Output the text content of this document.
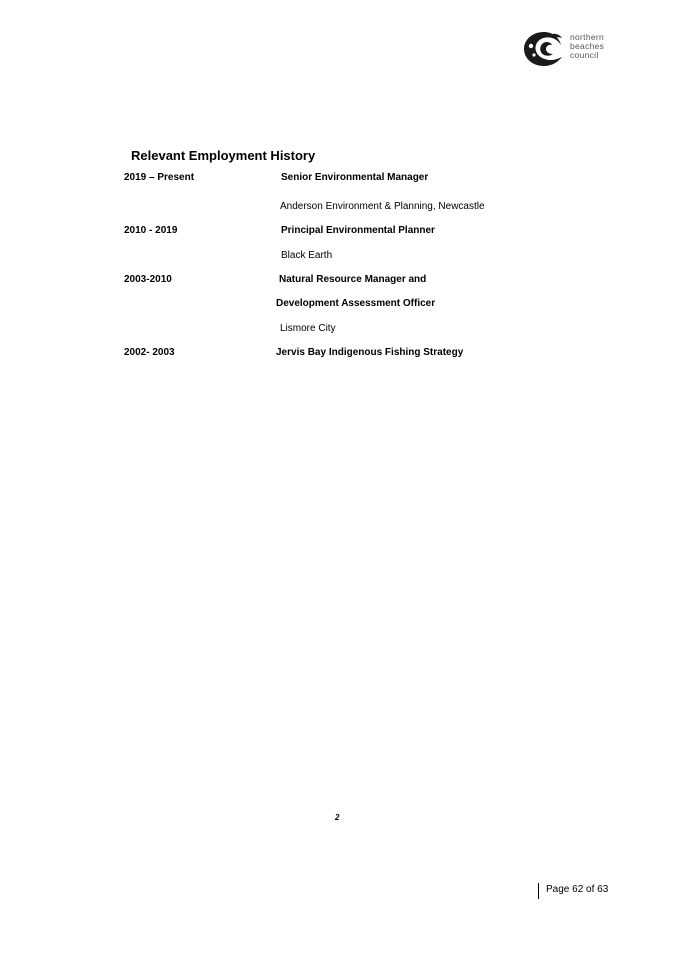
northern
beaches
council
Relevant Employment History
2019 – Present	Senior Environmental Manager
Anderson Environment & Planning, Newcastle
2010 - 2019	Principal Environmental Planner
Black Earth
2003-2010	Natural Resource Manager and
Development Assessment Officer
Lismore City
2002- 2003	Jervis Bay Indigenous Fishing Strategy
2
Page 62 of 63
